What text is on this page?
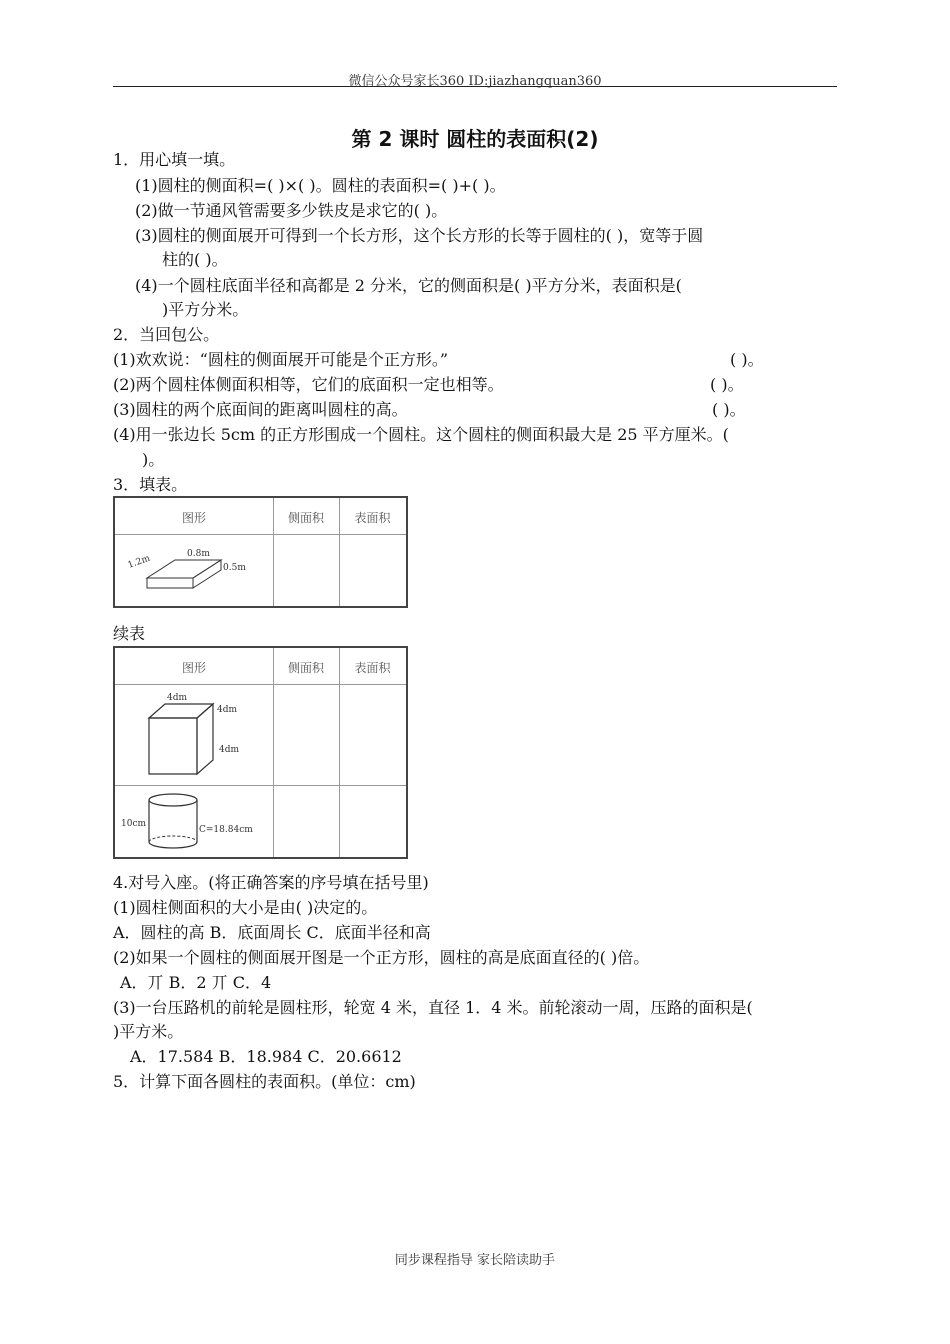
微信公众号家长360 ID:jiazhangquan360
第 2 课时 圆柱的表面积(2)
1．用心填一填。
(1)圆柱的侧面积=( )×( )。圆柱的表面积=( )+( )。
(2)做一节通风管需要多少铁皮是求它的( )。
(3)圆柱的侧面展开可得到一个长方形，这个长方形的长等于圆柱的( )，宽等于圆
柱的( )。
(4)一个圆柱底面半径和高都是 2 分米，它的侧面积是( )平方分米，表面积是(
)平方分米。
2．当回包公。
(1)欢欢说：“圆柱的侧面展开可能是个正方形。”	( )。
(2)两个圆柱体侧面积相等，它们的底面积一定也相等。	( )。
(3)圆柱的两个底面间的距离叫圆柱的高。	( )。
(4)用一张边长 5cm 的正方形围成一个圆柱。这个圆柱的侧面积最大是 25 平方厘米。(
)。
3．填表。
图形	侧面积	表面积
1.2m	0.8m
0.5m
续表
图形	侧面积	表面积
4dm
4dm
4dm
10cm
C=18.84cm
4.对号入座。(将正确答案的序号填在括号里)
(1)圆柱侧面积的大小是由( )决定的。
A．圆柱的高 B．底面周长 C．底面半径和高
(2)如果一个圆柱的侧面展开图是一个正方形，圆柱的高是底面直径的( )倍。
A．丌 B．2 丌 C．4
(3)一台压路机的前轮是圆柱形，轮宽 4 米，直径 1．4 米。前轮滚动一周，压路的面积是(
)平方米。
A．17.584 B．18.984 C．20.6612
5．计算下面各圆柱的表面积。(单位：cm)
同步课程指导 家长陪读助手
